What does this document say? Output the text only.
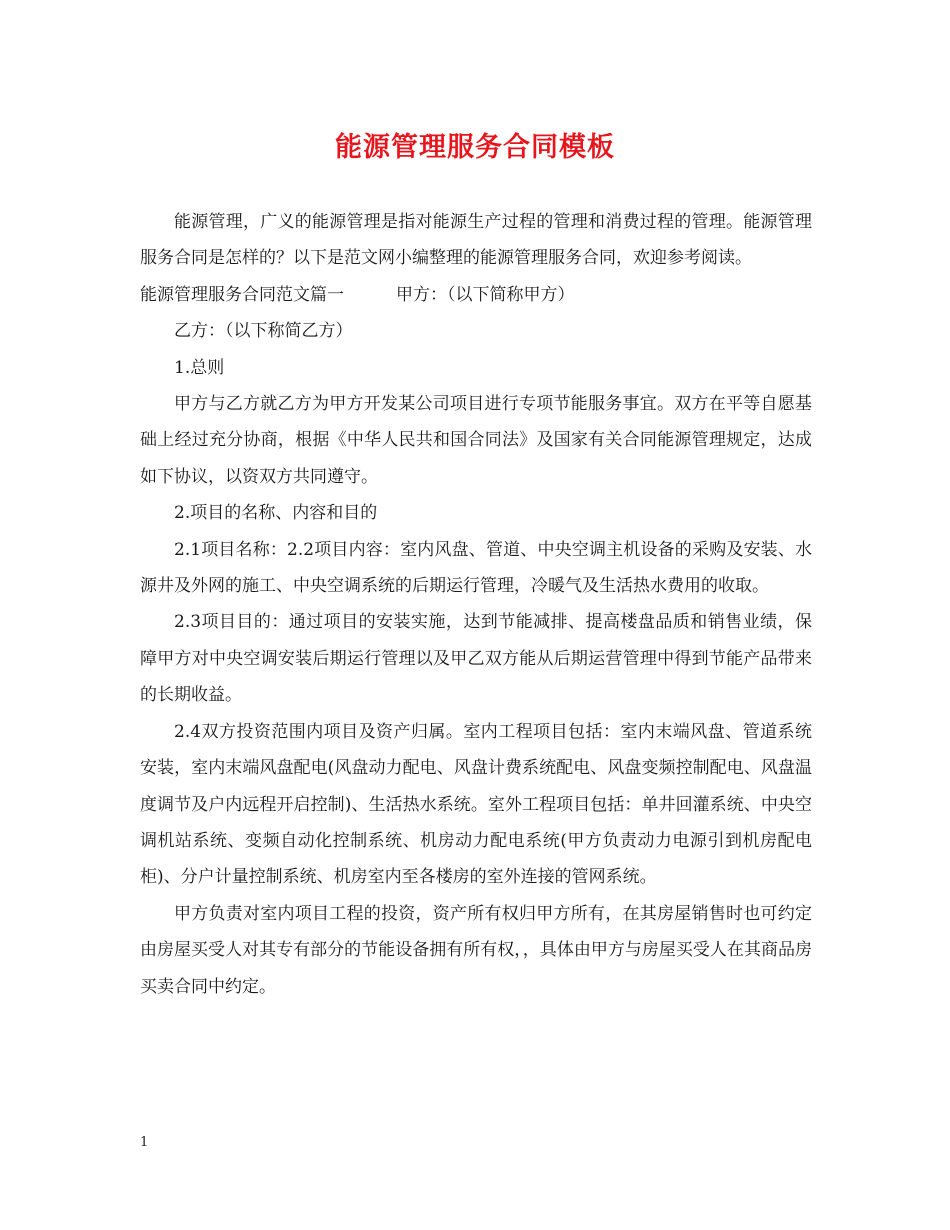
能源管理服务合同模板

能源管理，广义的能源管理是指对能源生产过程的管理和消费过程的管理。能源管理服务合同是怎样的？以下是范文网小编整理的能源管理服务合同，欢迎参考阅读。

能源管理服务合同范文篇一	甲方：（以下简称甲方）

乙方：（以下称简乙方）

1.总则

甲方与乙方就乙方为甲方开发某公司项目进行专项节能服务事宜。双方在平等自愿基础上经过充分协商，根据《中华人民共和国合同法》及国家有关合同能源管理规定，达成如下协议，以资双方共同遵守。

2.项目的名称、内容和目的

2.1项目名称：2.2项目内容：室内风盘、管道、中央空调主机设备的采购及安装、水源井及外网的施工、中央空调系统的后期运行管理，冷暖气及生活热水费用的收取。

2.3项目目的：通过项目的安装实施，达到节能减排、提高楼盘品质和销售业绩，保障甲方对中央空调安装后期运行管理以及甲乙双方能从后期运营管理中得到节能产品带来的长期收益。

2.4双方投资范围内项目及资产归属。室内工程项目包括：室内末端风盘、管道系统安装，室内末端风盘配电(风盘动力配电、风盘计费系统配电、风盘变频控制配电、风盘温度调节及户内远程开启控制)、生活热水系统。室外工程项目包括：单井回灌系统、中央空调机站系统、变频自动化控制系统、机房动力配电系统(甲方负责动力电源引到机房配电柜)、分户计量控制系统、机房室内至各楼房的室外连接的管网系统。

甲方负责对室内项目工程的投资，资产所有权归甲方所有，在其房屋销售时也可约定由房屋买受人对其专有部分的节能设备拥有所有权，，具体由甲方与房屋买受人在其商品房买卖合同中约定。

1
